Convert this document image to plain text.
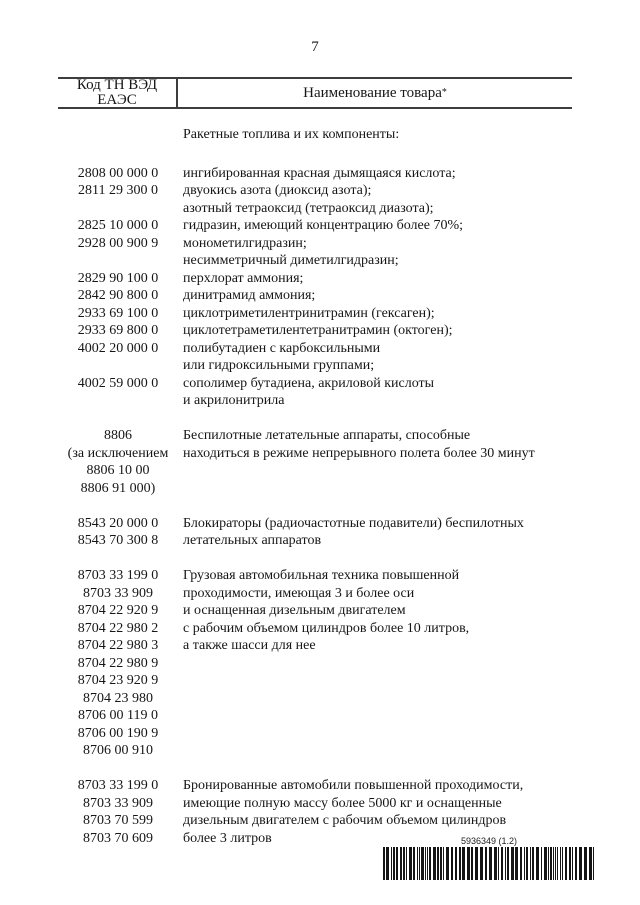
7
Код ТН ВЭД
ЕАЭС	Наименование товара *
Ракетные топлива и их компоненты:
2808 00 000 0
2811 29 300 0

2825 10 000 0
2928 00 900 9

2829 90 100 0
2842 90 800 0
2933 69 100 0
2933 69 800 0
4002 20 000 0

4002 59 000 0

ингибированная красная дымящаяся кислота;
двуокись азота (диоксид азота);
азотный тетраоксид (тетраоксид диазота);
гидразин, имеющий концентрацию более 70%;
монометилгидразин;
несимметричный диметилгидразин;
перхлорат аммония;
динитрамид аммония;
циклотриметилентринитрамин (гексаген);
циклотетраметилентетранитрамин (октоген);
полибутадиен с карбоксильными
или гидроксильными группами;
сополимер бутадиена, акриловой кислоты
и акрилонитрила
8806
(за исключением
8806 10 00
8806 91 000)
Беспилотные летательные аппараты, способные
находиться в режиме непрерывного полета более 30 минут
8543 20 000 0
8543 70 300 8
Блокираторы (радиочастотные подавители) беспилотных
летательных аппаратов
8703 33 199 0
8703 33 909
8704 22 920 9
8704 22 980 2
8704 22 980 3
8704 22 980 9
8704 23 920 9
8704 23 980
8706 00 119 0
8706 00 190 9
8706 00 910
Грузовая автомобильная техника повышенной
проходимости, имеющая 3 и более оси
и оснащенная дизельным двигателем
с рабочим объемом цилиндров более 10 литров,
а также шасси для нее
8703 33 199 0
8703 33 909
8703 70 599
8703 70 609
Бронированные автомобили повышенной проходимости,
имеющие полную массу более 5000 кг и оснащенные
дизельным двигателем с рабочим объемом цилиндров
более 3 литров	5936349 (1.2)
